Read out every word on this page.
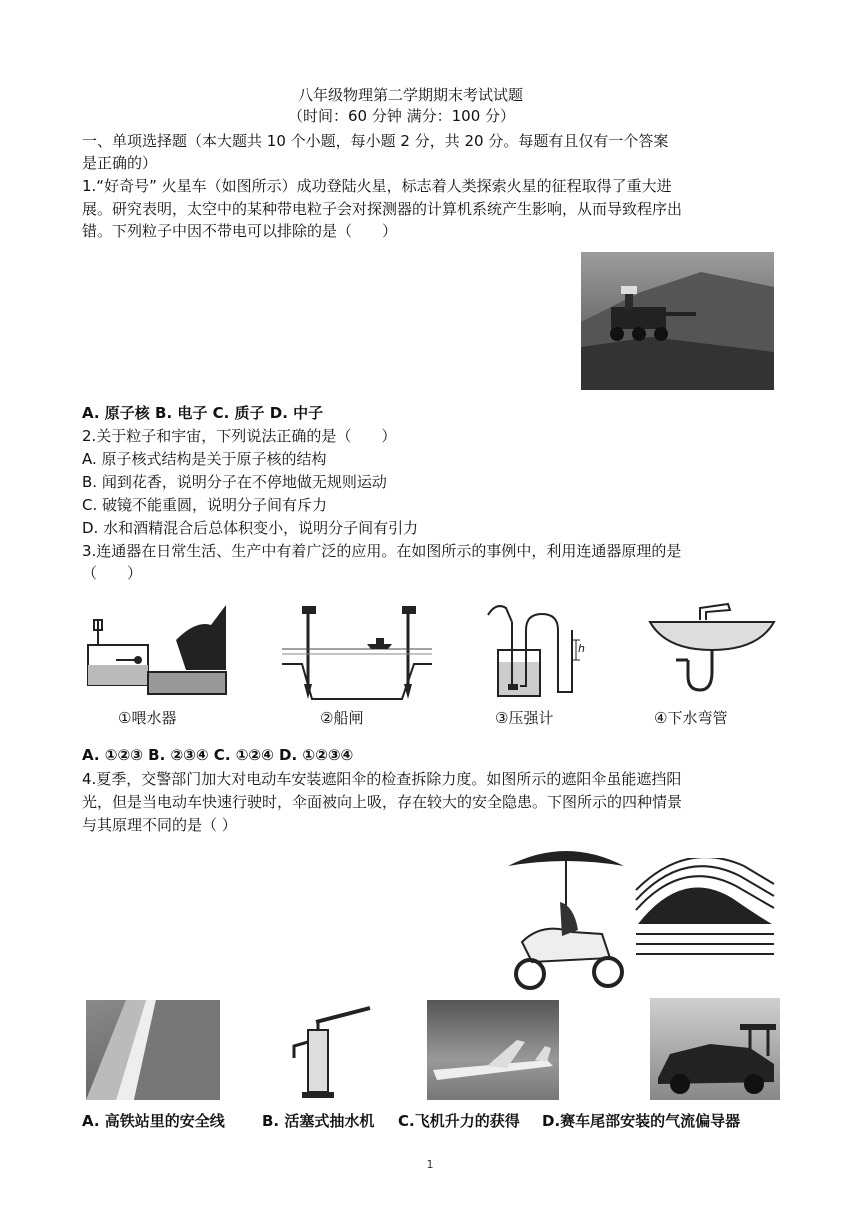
八年级物理第二学期期末考试试题
（时间：60 分钟 满分：100 分）
一、单项选择题（本大题共 10 个小题，每小题 2 分，共 20 分。每题有且仅有一个答案
是正确的）
1.“好奇号” 火星车（如图所示）成功登陆火星，标志着人类探索火星的征程取得了重大进
展。研究表明，太空中的某种带电粒子会对探测器的计算机系统产生影响，从而导致程序出
错。下列粒子中因不带电可以排除的是（　　）
A. 原子核 B. 电子 C. 质子 D. 中子
2.关于粒子和宇宙，下列说法正确的是（　　）
A. 原子核式结构是关于原子核的结构
B. 闻到花香，说明分子在不停地做无规则运动
C. 破镜不能重圆，说明分子间有斥力
D. 水和酒精混合后总体积变小，说明分子间有引力
3.连通器在日常生活、生产中有着广泛的应用。在如图所示的事例中，利用连通器原理的是
（　　）
①喂水器	②船闸
h
③压强计	④下水弯管
A. ①②③ B. ②③④ C. ①②④ D. ①②③④
4.夏季，交警部门加大对电动车安装遮阳伞的检查拆除力度。如图所示的遮阳伞虽能遮挡阳
光，但是当电动车快速行驶时，伞面被向上吸，存在较大的安全隐患。下图所示的四种情景
与其原理不同的是（ ）
A. 高铁站里的安全线 B. 活塞式抽水机 C.飞机升力的获得 D.赛车尾部安装的气流偏导器
1
